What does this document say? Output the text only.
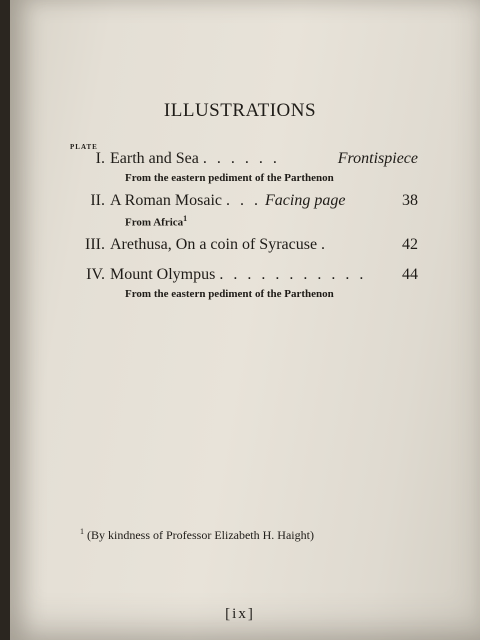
ILLUSTRATIONS
PLATE
I. Earth and Sea . . . . . .	Frontispiece
From the eastern pediment of the Parthenon
II. A Roman Mosaic . . . Facing page	38
From Africa$^1$
III. Arethusa, On a coin of Syracuse .	42
IV. Mount Olympus . . . . . . . . . . . 44
From the eastern pediment of the Parthenon
$^1$ (By kindness of Professor Elizabeth H. Haight)
[ix]
